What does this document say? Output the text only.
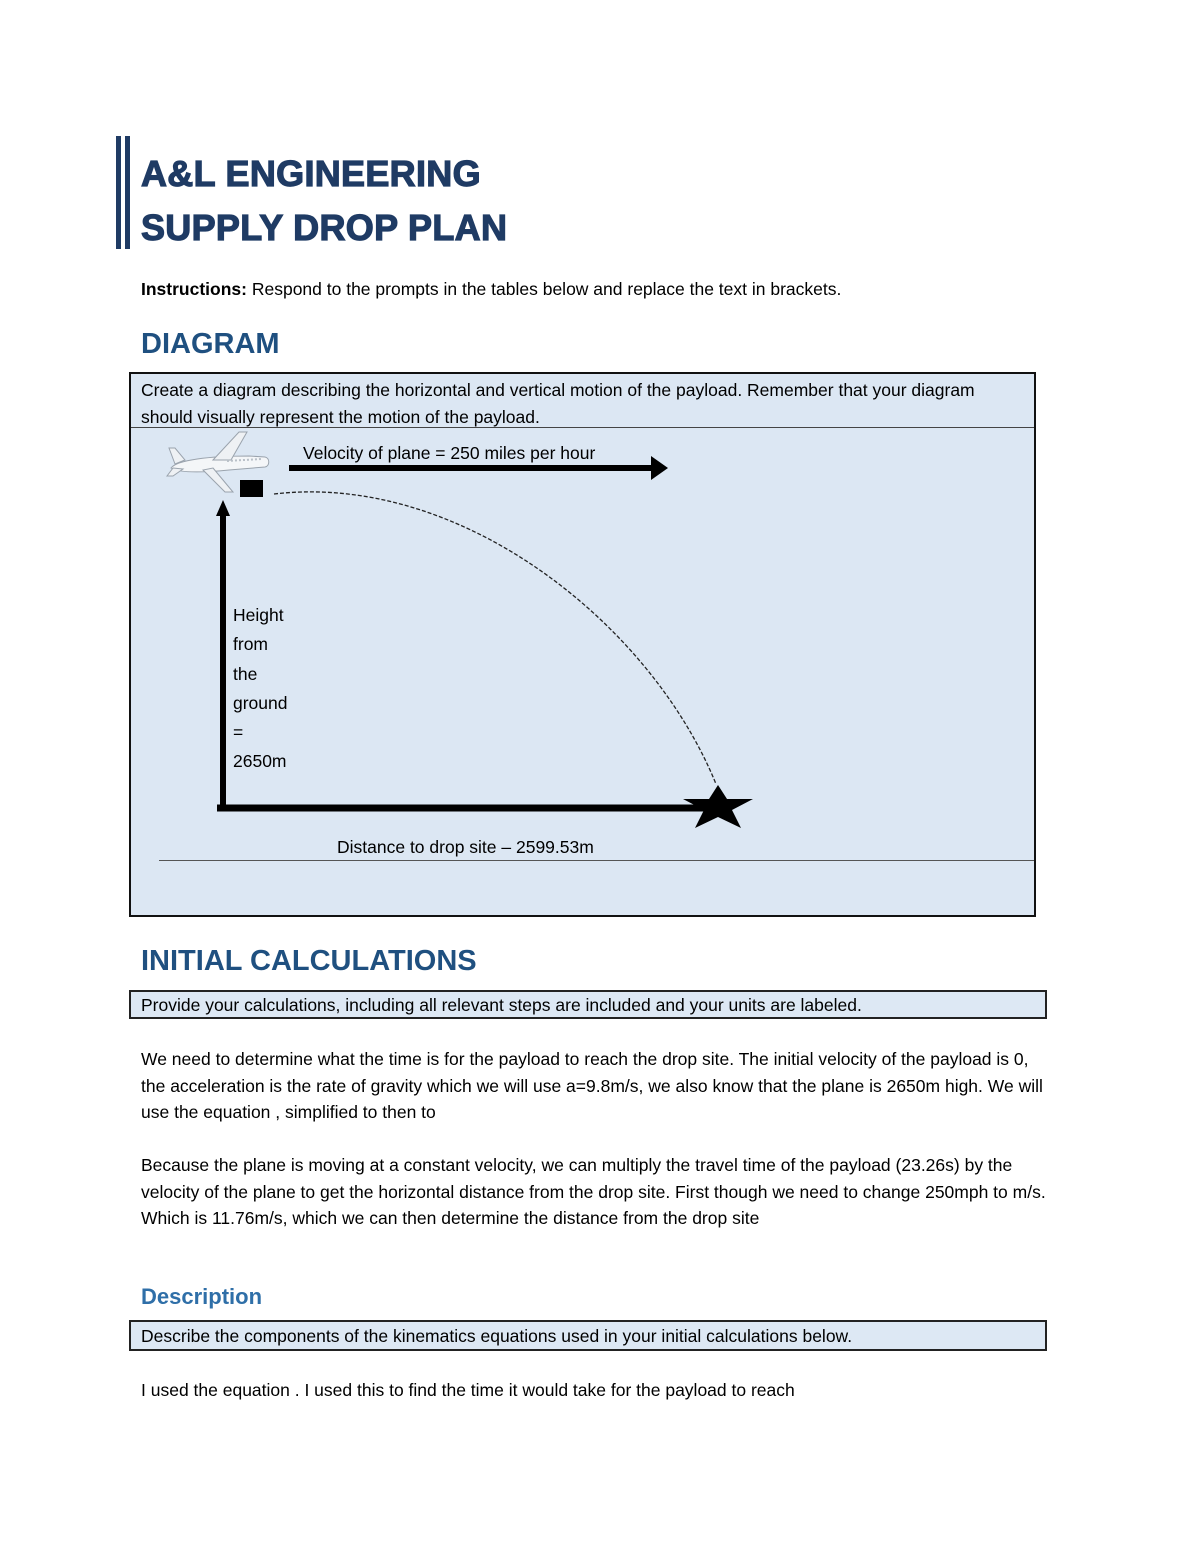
A&L ENGINEERING
SUPPLY DROP PLAN
Instructions: Respond to the prompts in the tables below and replace the text in brackets.
DIAGRAM
Create a diagram describing the horizontal and vertical motion of the payload. Remember that your diagram should visually represent the motion of the payload.
Velocity of plane = 250 miles per hour
Height
from
the
ground
=
2650m
Distance to drop site – 2599.53m
INITIAL CALCULATIONS
Provide your calculations, including all relevant steps are included and your units are labeled.

We need to determine what the time is for the payload to reach the drop site. The initial velocity of the payload is 0, the acceleration is the rate of gravity which we will use a=9.8m/s, we also know that the plane is 2650m high. We will use the equation , simplified to then to

Because the plane is moving at a constant velocity, we can multiply the travel time of the payload (23.26s) by the velocity of the plane to get the horizontal distance from the drop site. First though we need to change 250mph to m/s. Which is 11.76m/s, which we can then determine the distance from the drop site

Description
Describe the components of the kinematics equations used in your initial calculations below.

I used the equation . I used this to find the time it would take for the payload to reach
